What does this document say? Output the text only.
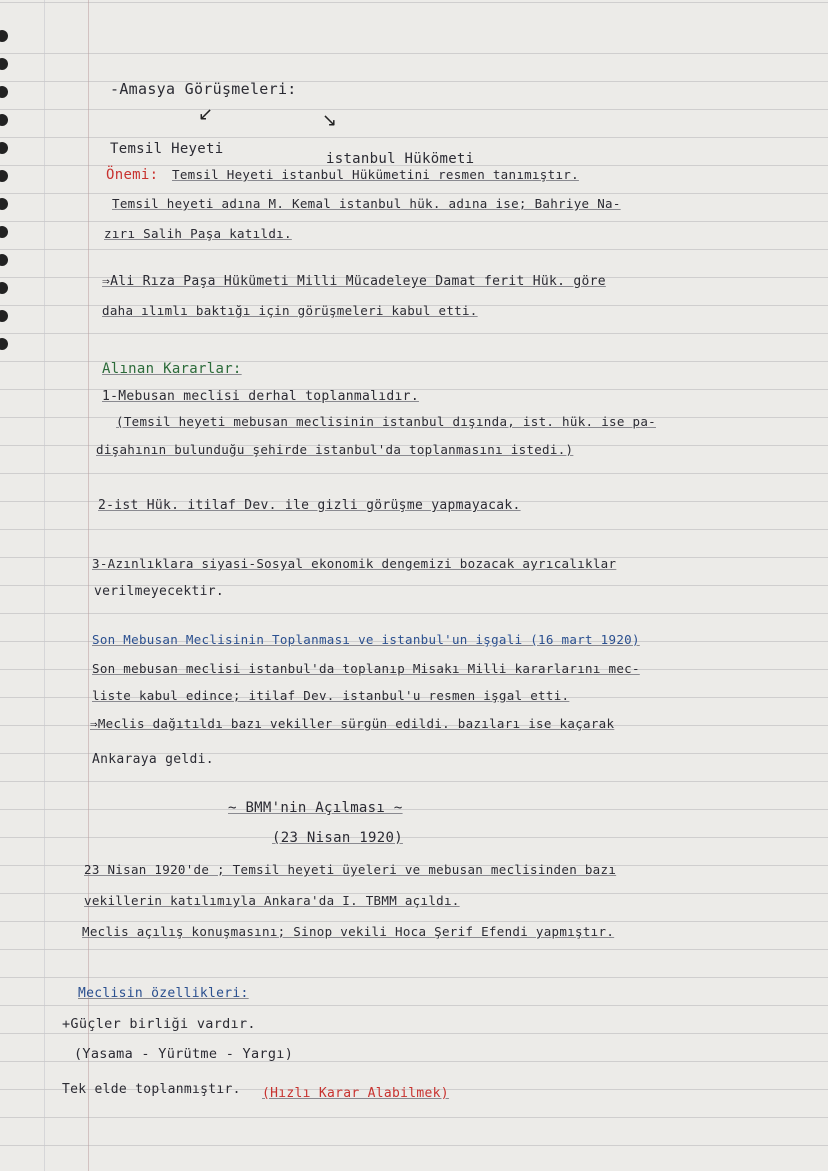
-Amasya Görüşmeleri:
↙	↘
Temsil Heyeti
istanbul Hükömeti
Önemi: Temsil Heyeti istanbul Hükümetini resmen tanımıştır.
Temsil heyeti adına M. Kemal istanbul hük. adına ise; Bahriye Na-
zırı Salih Paşa katıldı.
⇒Ali Rıza Paşa Hükümeti Milli Mücadeleye Damat ferit Hük. göre
daha ılımlı baktığı için görüşmeleri kabul etti.
Alınan Kararlar:
1-Mebusan meclisi derhal toplanmalıdır.
(Temsil heyeti mebusan meclisinin istanbul dışında, ist. hük. ise pa-
dişahının bulunduğu şehirde istanbul'da toplanmasını istedi.)
2-ist Hük. itilaf Dev. ile gizli görüşme yapmayacak.
3-Azınlıklara siyasi-Sosyal ekonomik dengemizi bozacak ayrıcalıklar
verilmeyecektir.
Son Mebusan Meclisinin Toplanması ve istanbul'un işgali (16 mart 1920)
Son mebusan meclisi istanbul'da toplanıp Misakı Milli kararlarını mec-
liste kabul edince; itilaf Dev. istanbul'u resmen işgal etti.
⇒Meclis dağıtıldı bazı vekiller sürgün edildi. bazıları ise kaçarak
Ankaraya geldi.
~ BMM'nin Açılması ~
(23 Nisan 1920)
23 Nisan 1920'de ; Temsil heyeti üyeleri ve mebusan meclisinden bazı
vekillerin katılımıyla Ankara'da I. TBMM açıldı.
Meclis açılış konuşmasını; Sinop vekili Hoca Şerif Efendi yapmıştır.
Meclisin özellikleri:
+Güçler birliği vardır.
(Yasama - Yürütme - Yargı)
Tek elde toplanmıştır. (Hızlı Karar Alabilmek)
